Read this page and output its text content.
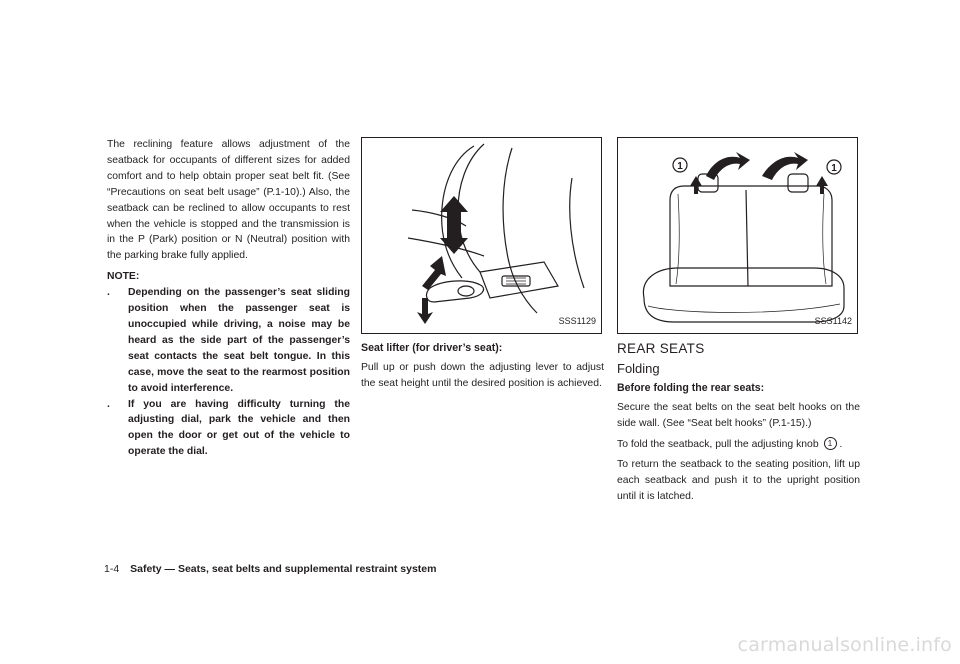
The reclining feature allows adjustment of the seatback for occupants of different sizes for added comfort and to help obtain proper seat belt fit. (See “Precautions on seat belt usage” (P.1-10).) Also, the seatback can be reclined to allow occupants to rest when the vehicle is stopped and the transmission is in the P (Park) position or N (Neutral) position with the parking brake fully applied.

NOTE:
. Depending on the passenger’s seat sliding position when the passenger seat is unoccupied while driving, a noise may be heard as the side part of the passenger’s seat contacts the seat belt tongue. In this case, move the seat to the rearmost position to avoid interference.
. If you are having difficulty turning the adjusting dial, park the vehicle and then open the door or get out of the vehicle to operate the dial.
SSS1129
Seat lifter (for driver’s seat):

Pull up or push down the adjusting lever to adjust the seat height until the desired position is achieved.

1	1
SSS1142
REAR SEATS
Folding
Before folding the rear seats:

Secure the seat belts on the seat belt hooks on the side wall. (See “Seat belt hooks” (P.1-15).)

To fold the seatback, pull the adjusting knob 1 .

To return the seatback to the seating position, lift up each seatback and push it to the upright position until it is latched.

1-4 Safety — Seats, seat belts and supplemental restraint system
carmanualsonline.info
